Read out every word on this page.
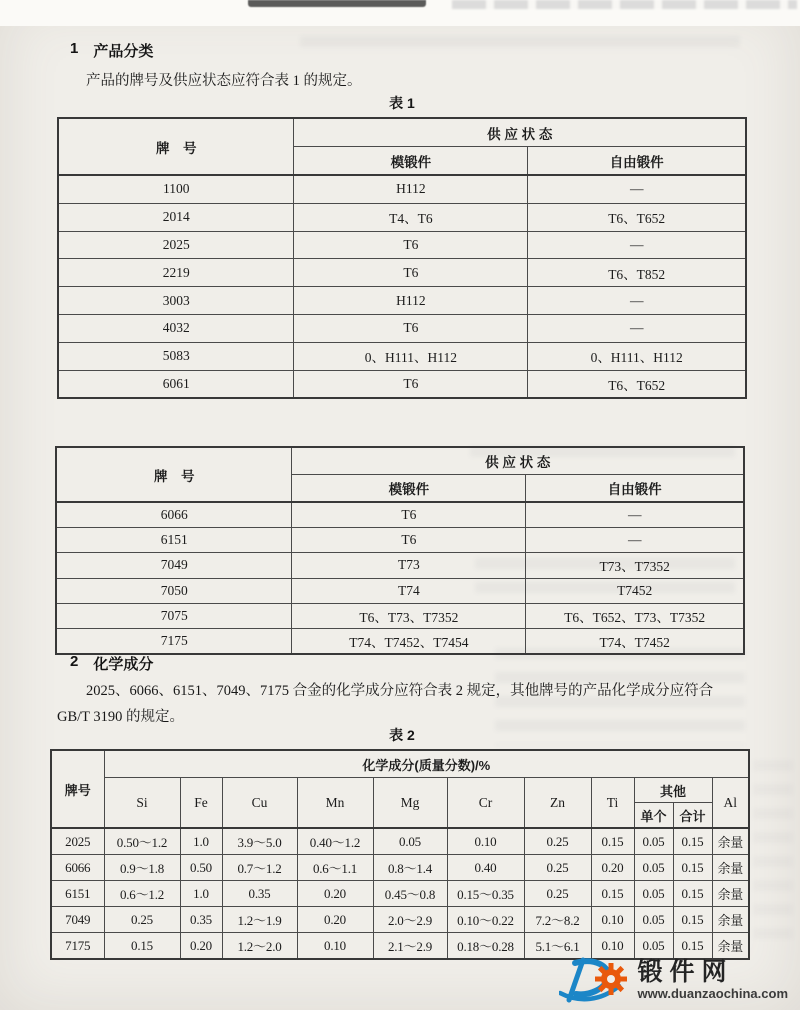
1 产品分类

产品的牌号及供应状态应符合表 1 的规定。

表 1
牌　号	供 应 状 态	
	模锻件	自由锻件
1100	H112	—
2014	T4、T6	T6、T652
2025	T6	—
2219	T6	T6、T852
3003	H112	—
4032	T6	—
5083	0、H111、H112	0、H111、H112
6061	T6	T6、T652
牌　号	供 应 状 态	
	模锻件	自由锻件
6066	T6	—
6151	T6	—
7049	T73	T73、T7352
7050	T74	T7452
7075	T6、T73、T7352	T6、T652、T73、T7352
7175	T74、T7452、T7454	T74、T7452
2 化学成分

2025、6066、6151、7049、7175 合金的化学成分应符合表 2 规定，其他牌号的产品化学成分应符合 GB/T 3190 的规定。

表 2
牌号	化学成分(质量分数)/%										
	Si	Fe	Cu	Mn	Mg	Cr	Zn	Ti	其他		Al
									单个	合计	
2025	0.50～1.2	1.0	3.9～5.0	0.40～1.2	0.05	0.10	0.25	0.15	0.05	0.15	余量
6066	0.9～1.8	0.50	0.7～1.2	0.6～1.1	0.8～1.4	0.40	0.25	0.20	0.05	0.15	余量
6151	0.6～1.2	1.0	0.35	0.20	0.45～0.8	0.15～0.35	0.25	0.15	0.05	0.15	余量
7049	0.25	0.35	1.2～1.9	0.20	2.0～2.9	0.10～0.22	7.2～8.2	0.10	0.05	0.15	余量
7175	0.15	0.20	1.2～2.0	0.10	2.1～2.9	0.18～0.28	5.1～6.1	0.10	0.05	0.15	余量
锻件网
www.duanzaochina.com
